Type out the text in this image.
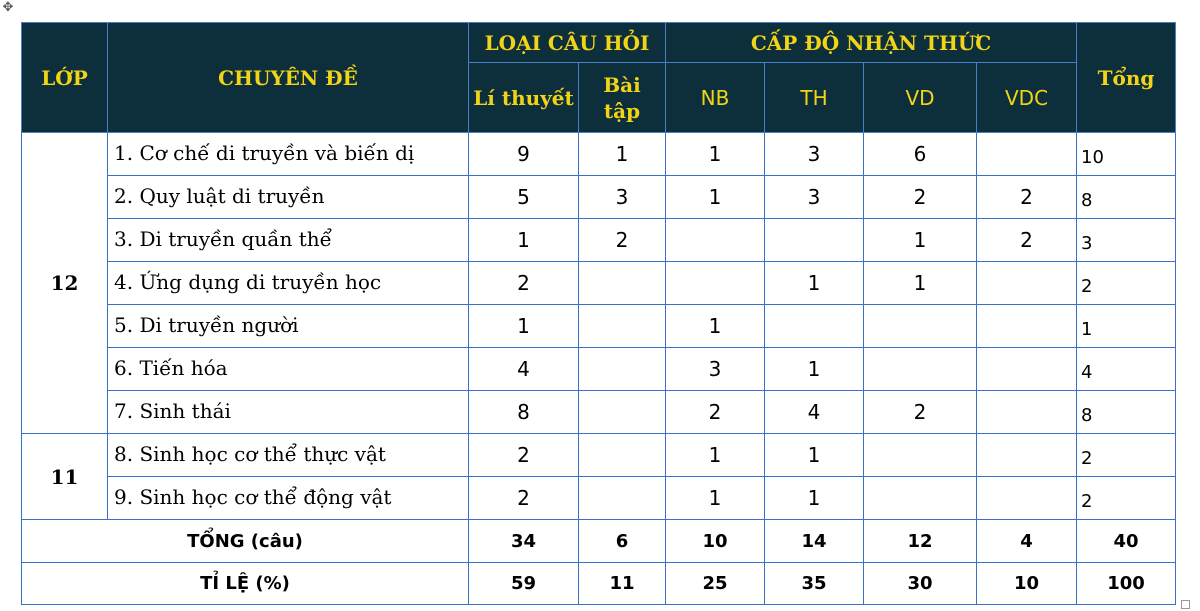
✥
LỚP	CHUYÊN ĐỀ	LOẠI CÂU HỎI		CẤP ĐỘ NHẬN THỨC				Tổng
		Lí thuyết	Bài tập	NB	TH	VD	VDC	
12	1. Cơ chế di truyền và biến dị	9	1	1	3	6		10
	2. Quy luật di truyền	5	3	1	3	2	2	8
	3. Di truyền quần thể	1	2			1	2	3
	4. Ứng dụng di truyền học	2			1	1		2
	5. Di truyền người	1		1				1
	6. Tiến hóa	4		3	1			4
	7. Sinh thái	8		2	4	2		8
11	8. Sinh học cơ thể thực vật	2		1	1			2
	9. Sinh học cơ thể động vật	2		1	1			2
TỔNG (câu)		34	6	10	14	12	4	40
TỈ LỆ (%)		59	11	25	35	30	10	100
